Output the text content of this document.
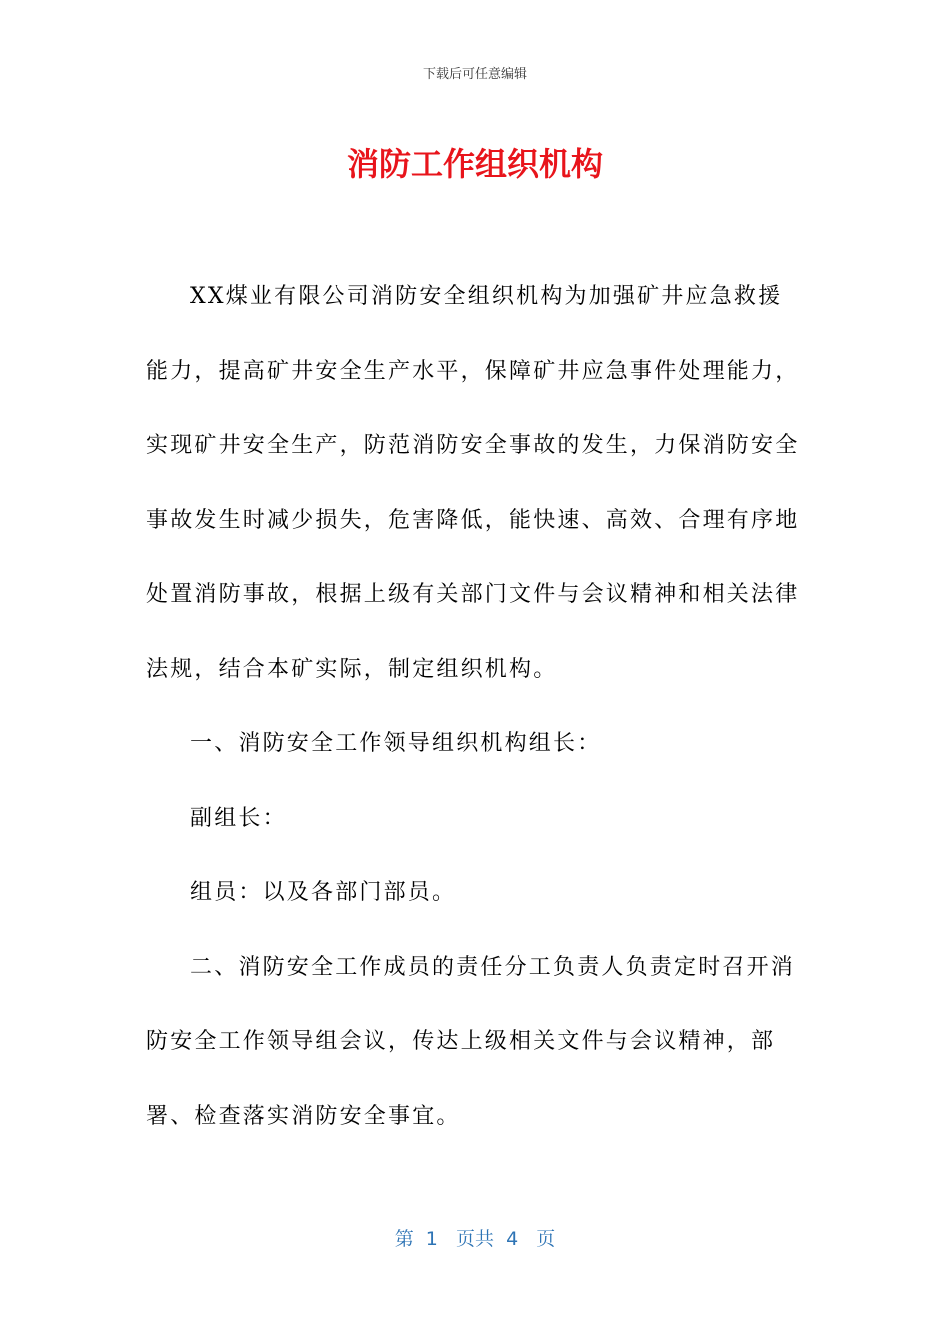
下载后可任意编辑
消防工作组织机构

XX煤业有限公司消防安全组织机构为加强矿井应急救援能力，提高矿井安全生产水平，保障矿井应急事件处理能力，实现矿井安全生产，防范消防安全事故的发生，力保消防安全事故发生时减少损失，危害降低，能快速、高效、合理有序地处置消防事故，根据上级有关部门文件与会议精神和相关法律法规，结合本矿实际，制定组织机构。

一、消防安全工作领导组织机构组长：

副组长：

组员：以及各部门部员。

二、消防安全工作成员的责任分工负责人负责定时召开消防安全工作领导组会议，传达上级相关文件与会议精神，部署、检查落实消防安全事宜。

第  1   页共  4   页
